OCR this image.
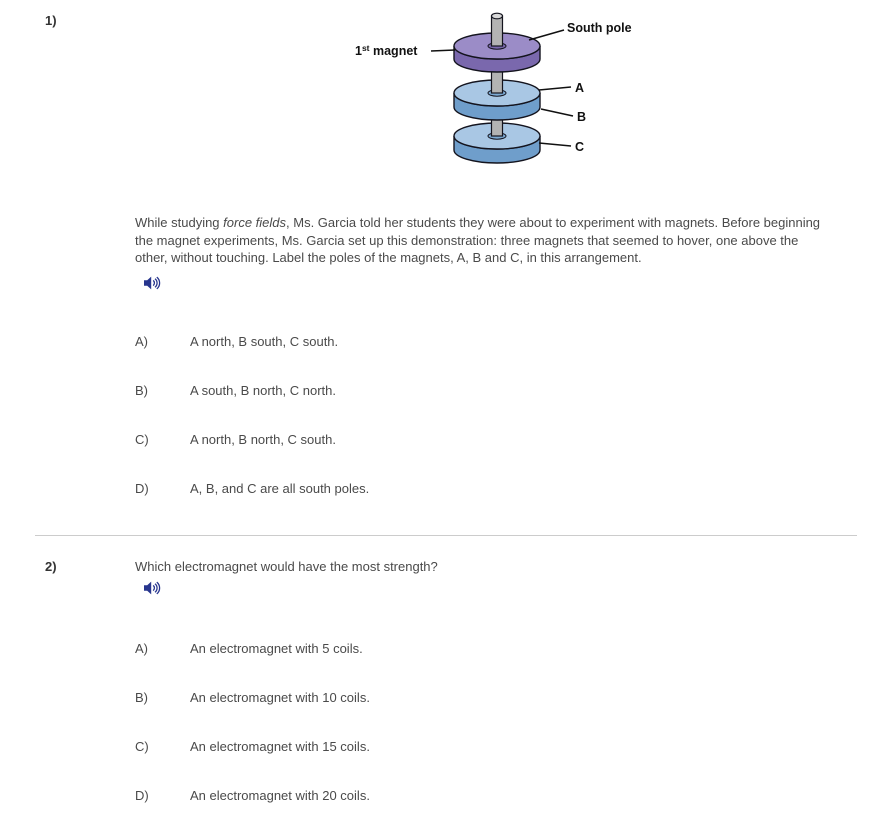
1)
1st magnet
South pole
A
B
C

While studying force fields, Ms. Garcia told her students they were about to experiment with magnets. Before beginning the magnet experiments, Ms. Garcia set up this demonstration: three magnets that seemed to hover, one above the other, without touching. Label the poles of the magnets, A, B and C, in this arrangement.

A)	A north, B south, C south.
B)	A south, B north, C north.
C)	A north, B north, C south.
D)	A, B, and C are all south poles.
2)	Which electromagnet would have the most strength?

A)	An electromagnet with 5 coils.
B)	An electromagnet with 10 coils.
C)	An electromagnet with 15 coils.
D)	An electromagnet with 20 coils.
